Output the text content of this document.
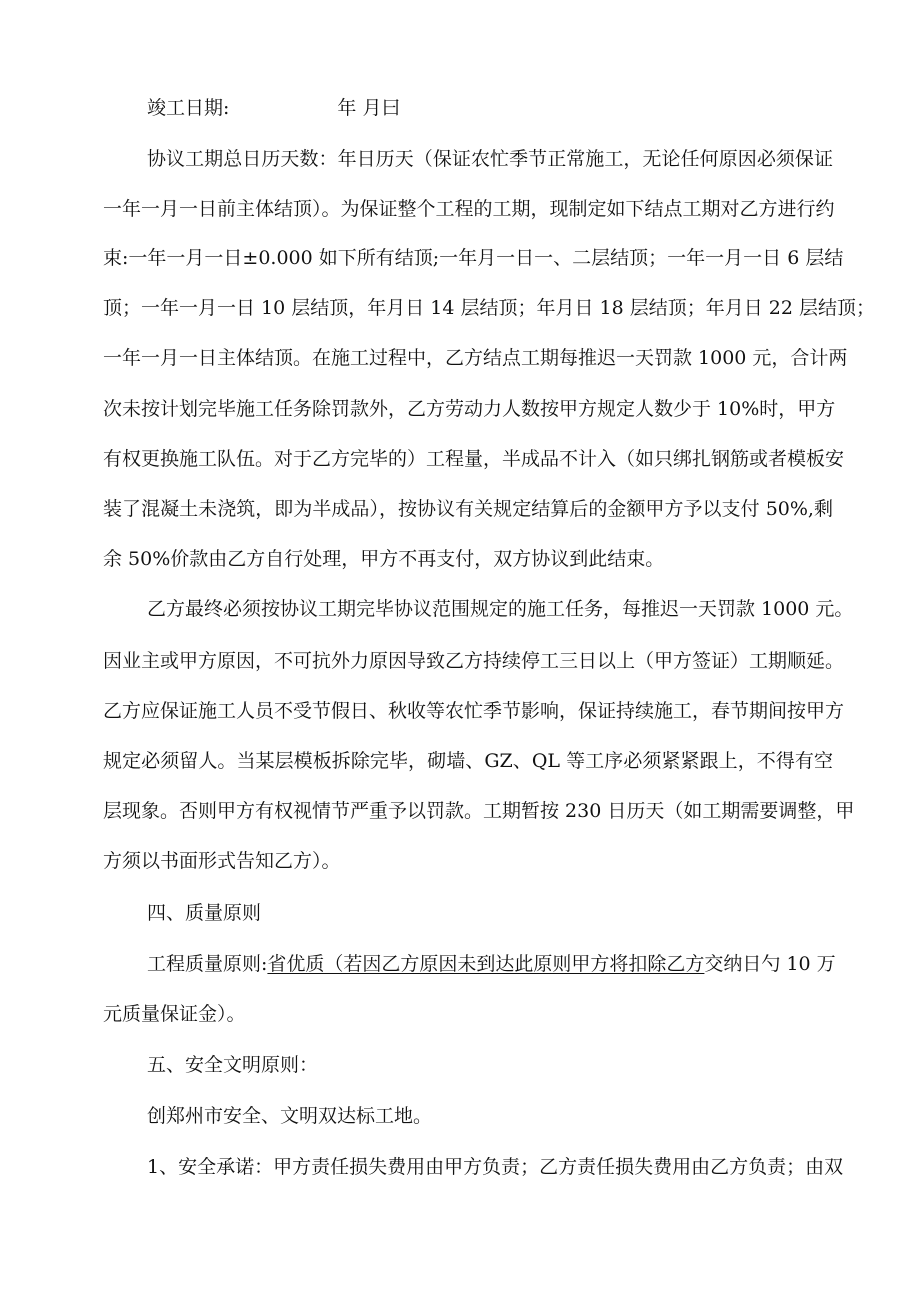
竣工日期:	年 月曰
协议工期总日历天数：年日历天（保证农忙季节正常施工，无论任何原因必须保证
一年一月一日前主体结顶）。为保证整个工程的工期，现制定如下结点工期对乙方进行约
束:一年一月一日±0.000 如下所有结顶;一年月一日一、二层结顶；一年一月一日 6 层结
顶；一年一月一日 10 层结顶，年月日 14 层结顶；年月日 18 层结顶；年月日 22 层结顶；
一年一月一日主体结顶。在施工过程中，乙方结点工期每推迟一天罚款 1000 元，合计两
次未按计划完毕施工任务除罚款外，乙方劳动力人数按甲方规定人数少于 10%时，甲方
有权更换施工队伍。对于乙方完毕的）工程量，半成品不计入（如只绑扎钢筋或者模板安
装了混凝土未浇筑，即为半成品），按协议有关规定结算后的金额甲方予以支付 50%,剩
余 50%价款由乙方自行处理，甲方不再支付，双方协议到此结束。
乙方最终必须按协议工期完毕协议范围规定的施工任务，每推迟一天罚款 1000 元。
因业主或甲方原因，不可抗外力原因导致乙方持续停工三日以上（甲方签证）工期顺延。
乙方应保证施工人员不受节假日、秋收等农忙季节影响，保证持续施工，春节期间按甲方
规定必须留人。当某层模板拆除完毕，砌墙、GZ、QL 等工序必须紧紧跟上，不得有空
层现象。否则甲方有权视情节严重予以罚款。工期暂按 230 日历天（如工期需要调整，甲
方须以书面形式告知乙方）。
四、质量原则
工程质量原则:省优质（若因乙方原因未到达此原则甲方将扣除乙方交纳日勺 10 万
元质量保证金）。
五、安全文明原则：
创郑州市安全、文明双达标工地。
1、安全承诺：甲方责任损失费用由甲方负责；乙方责任损失费用由乙方负责；由双
